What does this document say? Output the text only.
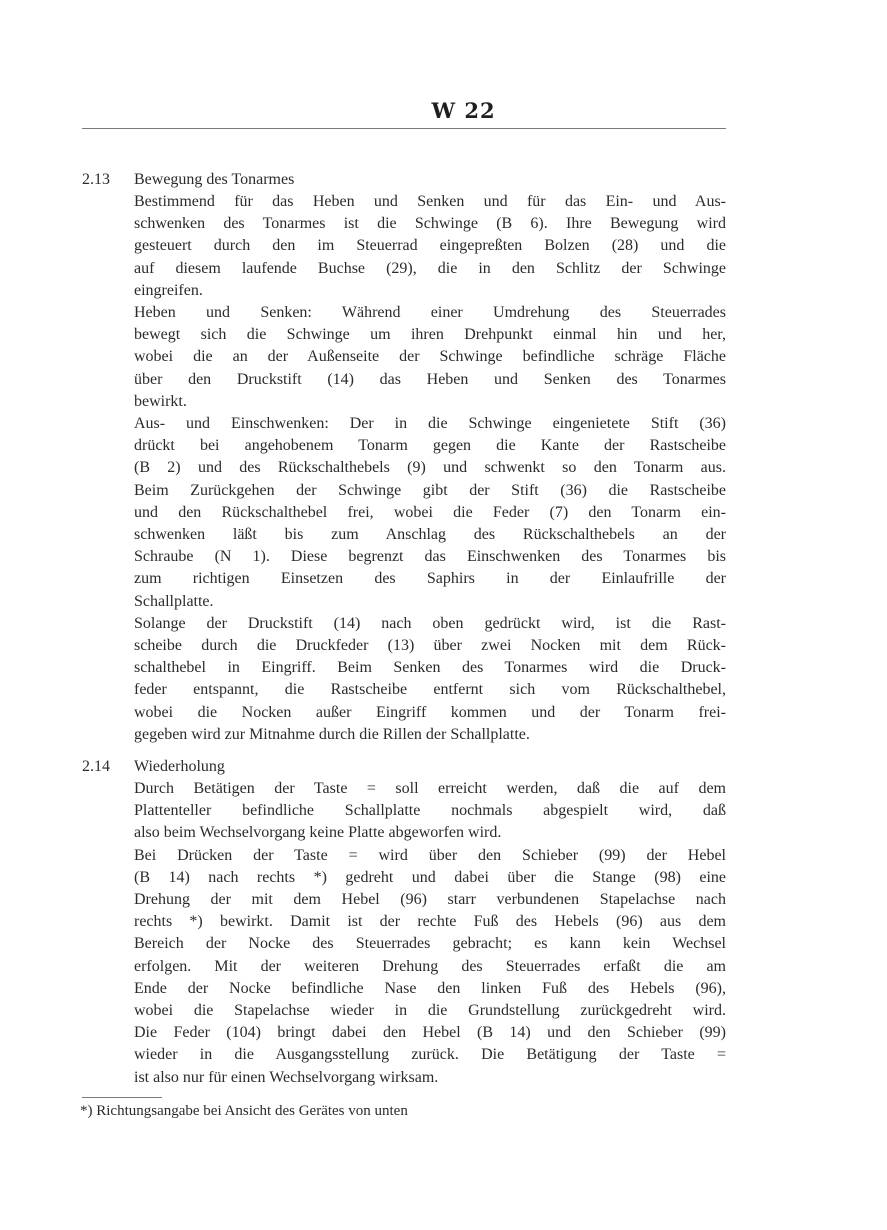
W 22
2.13 Bewegung des Tonarmes
Bestimmend für das Heben und Senken und für das Ein- und Aus-
schwenken des Tonarmes ist die Schwinge (B 6). Ihre Bewegung wird
gesteuert durch den im Steuerrad eingepreßten Bolzen (28) und die
auf diesem laufende Buchse (29), die in den Schlitz der Schwinge
eingreifen.
Heben und Senken: Während einer Umdrehung des Steuerrades
bewegt sich die Schwinge um ihren Drehpunkt einmal hin und her,
wobei die an der Außenseite der Schwinge befindliche schräge Fläche
über den Druckstift (14) das Heben und Senken des Tonarmes
bewirkt.
Aus- und Einschwenken: Der in die Schwinge eingenietete Stift (36)
drückt bei angehobenem Tonarm gegen die Kante der Rastscheibe
(B 2) und des Rückschalthebels (9) und schwenkt so den Tonarm aus.
Beim Zurückgehen der Schwinge gibt der Stift (36) die Rastscheibe
und den Rückschalthebel frei, wobei die Feder (7) den Tonarm ein-
schwenken läßt bis zum Anschlag des Rückschalthebels an der
Schraube (N 1). Diese begrenzt das Einschwenken des Tonarmes bis
zum richtigen Einsetzen des Saphirs in der Einlaufrille der
Schallplatte.
Solange der Druckstift (14) nach oben gedrückt wird, ist die Rast-
scheibe durch die Druckfeder (13) über zwei Nocken mit dem Rück-
schalthebel in Eingriff. Beim Senken des Tonarmes wird die Druck-
feder entspannt, die Rastscheibe entfernt sich vom Rückschalthebel,
wobei die Nocken außer Eingriff kommen und der Tonarm frei-
gegeben wird zur Mitnahme durch die Rillen der Schallplatte.
2.14 Wiederholung
Durch Betätigen der Taste = soll erreicht werden, daß die auf dem
Plattenteller befindliche Schallplatte nochmals abgespielt wird, daß
also beim Wechselvorgang keine Platte abgeworfen wird.
Bei Drücken der Taste = wird über den Schieber (99) der Hebel
(B 14) nach rechts *) gedreht und dabei über die Stange (98) eine
Drehung der mit dem Hebel (96) starr verbundenen Stapelachse nach
rechts *) bewirkt. Damit ist der rechte Fuß des Hebels (96) aus dem
Bereich der Nocke des Steuerrades gebracht; es kann kein Wechsel
erfolgen. Mit der weiteren Drehung des Steuerrades erfaßt die am
Ende der Nocke befindliche Nase den linken Fuß des Hebels (96),
wobei die Stapelachse wieder in die Grundstellung zurückgedreht wird.
Die Feder (104) bringt dabei den Hebel (B 14) und den Schieber (99)
wieder in die Ausgangsstellung zurück. Die Betätigung der Taste =
ist also nur für einen Wechselvorgang wirksam.
*) Richtungsangabe bei Ansicht des Gerätes von unten
